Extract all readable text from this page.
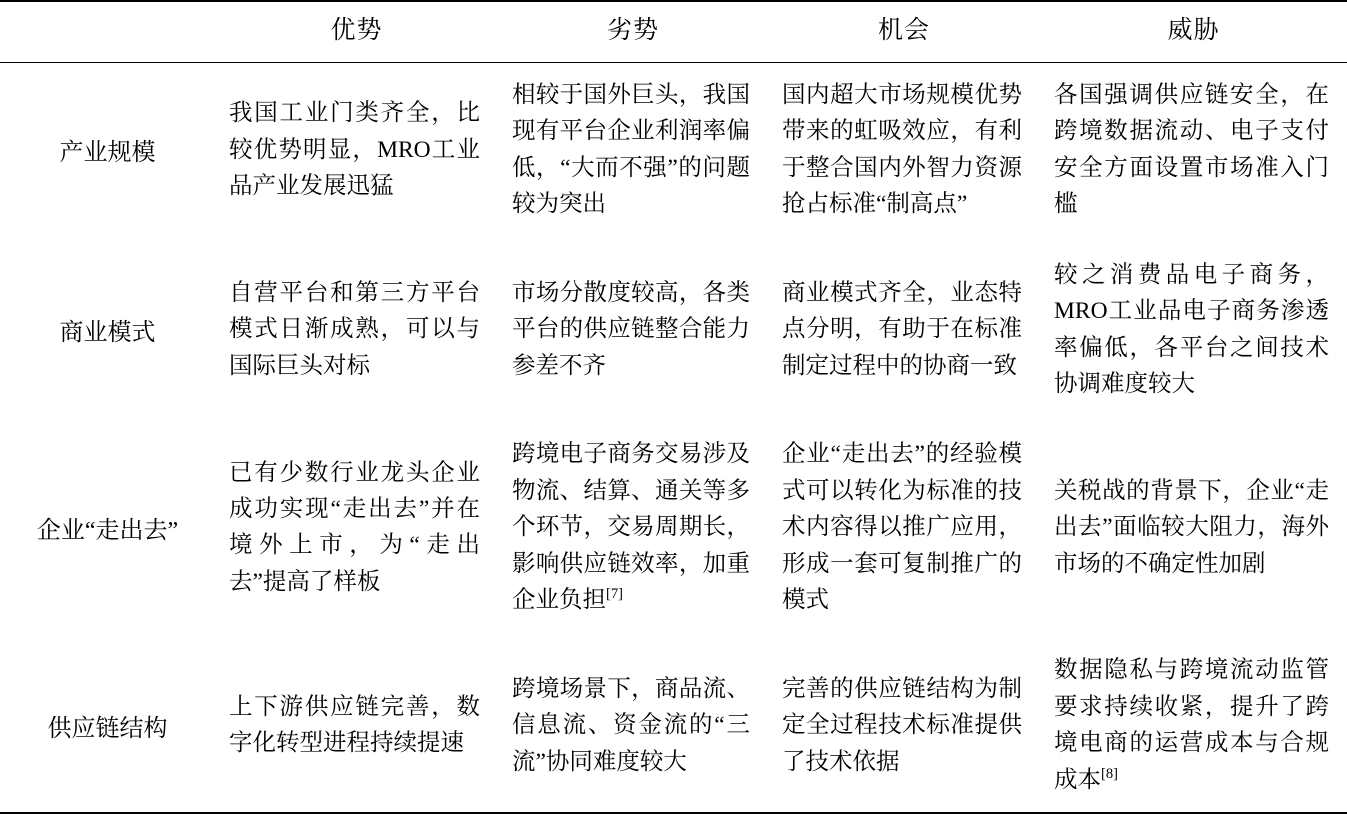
	优势	劣势	机会	威胁
产业规模	我国工业门类齐全，比较优势明显，MRO工业品产业发展迅猛	相较于国外巨头，我国现有平台企业利润率偏低，“大而不强”的问题较为突出	国内超大市场规模优势带来的虹吸效应，有利于整合国内外智力资源抢占标准“制高点”	各国强调供应链安全，在跨境数据流动、电子支付安全方面设置市场准入门槛

商业模式	自营平台和第三方平台模式日渐成熟，可以与国际巨头对标	市场分散度较高，各类平台的供应链整合能力参差不齐	商业模式齐全，业态特点分明，有助于在标准制定过程中的协商一致	较之消费品电子商务，MRO工业品电子商务渗透率偏低，各平台之间技术协调难度较大

企业“走出去”	已有少数行业龙头企业成功实现“走出去”并在境外上市，为“走出去”提高了样板	跨境电子商务交易涉及物流、结算、通关等多个环节，交易周期长，影响供应链效率，加重企业负担[7]	企业“走出去”的经验模式可以转化为标准的技术内容得以推广应用，形成一套可复制推广的模式	关税战的背景下，企业“走出去”面临较大阻力，海外市场的不确定性加剧

供应链结构	上下游供应链完善，数字化转型进程持续提速	跨境场景下，商品流、信息流、资金流的“三流”协同难度较大	完善的供应链结构为制定全过程技术标准提供了技术依据	数据隐私与跨境流动监管要求持续收紧，提升了跨境电商的运营成本与合规成本[8]
